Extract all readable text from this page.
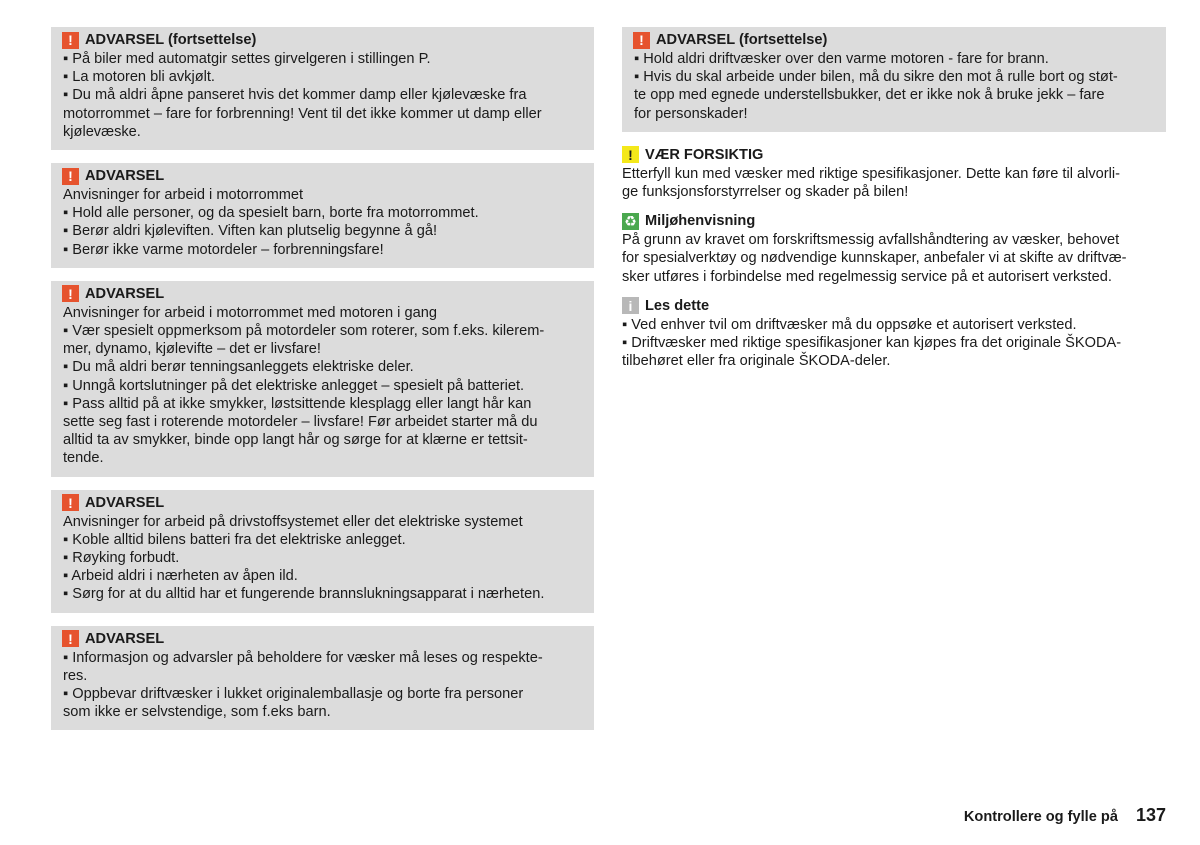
! ADVARSEL (fortsettelse)
▪ På biler med automatgir settes girvelgeren i stillingen P.
▪ La motoren bli avkjølt.
▪ Du må aldri åpne panseret hvis det kommer damp eller kjølevæske fra
motorrommet – fare for forbrenning! Vent til det ikke kommer ut damp eller
kjølevæske.
! ADVARSEL
Anvisninger for arbeid i motorrommet
▪ Hold alle personer, og da spesielt barn, borte fra motorrommet.
▪ Berør aldri kjøleviften. Viften kan plutselig begynne å gå!
▪ Berør ikke varme motordeler – forbrenningsfare!
! ADVARSEL
Anvisninger for arbeid i motorrommet med motoren i gang
▪ Vær spesielt oppmerksom på motordeler som roterer, som f.eks. kilerem-
mer, dynamo, kjølevifte – det er livsfare!
▪ Du må aldri berør tenningsanleggets elektriske deler.
▪ Unngå kortslutninger på det elektriske anlegget – spesielt på batteriet.
▪ Pass alltid på at ikke smykker, løstsittende klesplagg eller langt hår kan
sette seg fast i roterende motordeler – livsfare! Før arbeidet starter må du
alltid ta av smykker, binde opp langt hår og sørge for at klærne er tettsit-
tende.
! ADVARSEL
Anvisninger for arbeid på drivstoffsystemet eller det elektriske systemet
▪ Koble alltid bilens batteri fra det elektriske anlegget.
▪ Røyking forbudt.
▪ Arbeid aldri i nærheten av åpen ild.
▪ Sørg for at du alltid har et fungerende brannslukningsapparat i nærheten.
! ADVARSEL
▪ Informasjon og advarsler på beholdere for væsker må leses og respekte-
res.
▪ Oppbevar driftvæsker i lukket originalemballasje og borte fra personer
som ikke er selvstendige, som f.eks barn.
! ADVARSEL (fortsettelse)
▪ Hold aldri driftvæsker over den varme motoren - fare for brann.
▪ Hvis du skal arbeide under bilen, må du sikre den mot å rulle bort og støt-
te opp med egnede understellsbukker, det er ikke nok å bruke jekk – fare
for personskader!
! VÆR FORSIKTIG
Etterfyll kun med væsker med riktige spesifikasjoner. Dette kan føre til alvorli-
ge funksjonsforstyrrelser og skader på bilen!
♻ Miljøhenvisning
På grunn av kravet om forskriftsmessig avfallshåndtering av væsker, behovet
for spesialverktøy og nødvendige kunnskaper, anbefaler vi at skifte av driftvæ-
sker utføres i forbindelse med regelmessig service på et autorisert verksted.
i Les dette
▪ Ved enhver tvil om driftvæsker må du oppsøke et autorisert verksted.
▪ Driftvæsker med riktige spesifikasjoner kan kjøpes fra det originale ŠKODA-
tilbehøret eller fra originale ŠKODA-deler.
Kontrollere og fylle på 137
